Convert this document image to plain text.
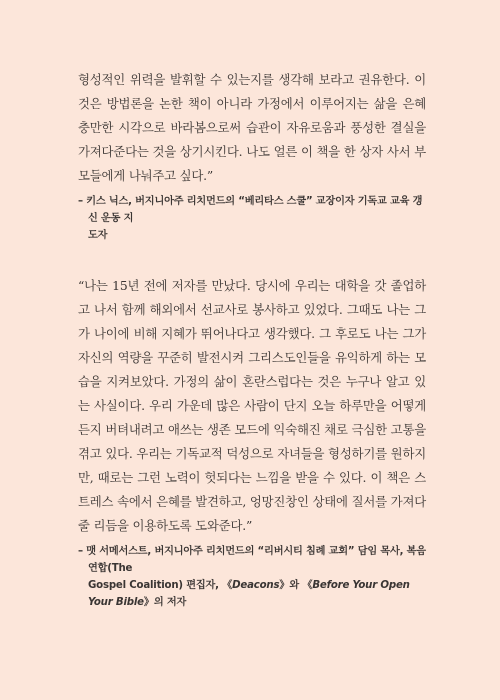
형성적인 위력을 발휘할 수 있는지를 생각해 보라고 권유한다. 이
것은 방법론을 논한 책이 아니라 가정에서 이루어지는 삶을 은혜
충만한 시각으로 바라봄으로써 습관이 자유로움과 풍성한 결실을
가져다준다는 것을 상기시킨다. 나도 얼른 이 책을 한 상자 사서 부
모들에게 나눠주고 싶다.”
– 키스 닉스, 버지니아주 리치먼드의 “베리타스 스쿨” 교장이자 기독교 교육 갱신 운동 지
도자
“나는 15년 전에 저자를 만났다. 당시에 우리는 대학을 갓 졸업하
고 나서 함께 해외에서 선교사로 봉사하고 있었다. 그때도 나는 그
가 나이에 비해 지혜가 뛰어나다고 생각했다. 그 후로도 나는 그가
자신의 역량을 꾸준히 발전시켜 그리스도인들을 유익하게 하는 모
습을 지켜보았다. 가정의 삶이 혼란스럽다는 것은 누구나 알고 있
는 사실이다. 우리 가운데 많은 사람이 단지 오늘 하루만을 어떻게
든지 버텨내려고 애쓰는 생존 모드에 익숙해진 채로 극심한 고통을
겪고 있다. 우리는 기독교적 덕성으로 자녀들을 형성하기를 원하지
만, 때로는 그런 노력이 헛되다는 느낌을 받을 수 있다. 이 책은 스
트레스 속에서 은혜를 발견하고, 엉망진창인 상태에 질서를 가져다
줄 리듬을 이용하도록 도와준다.”
– 맷 서메서스트, 버지니아주 리치먼드의 “리버시티 침례 교회” 담임 목사, 복음 연합(The
Gospel Coalition) 편집자, 《Deacons》와 《Before Your Open Your Bible》의 저자
